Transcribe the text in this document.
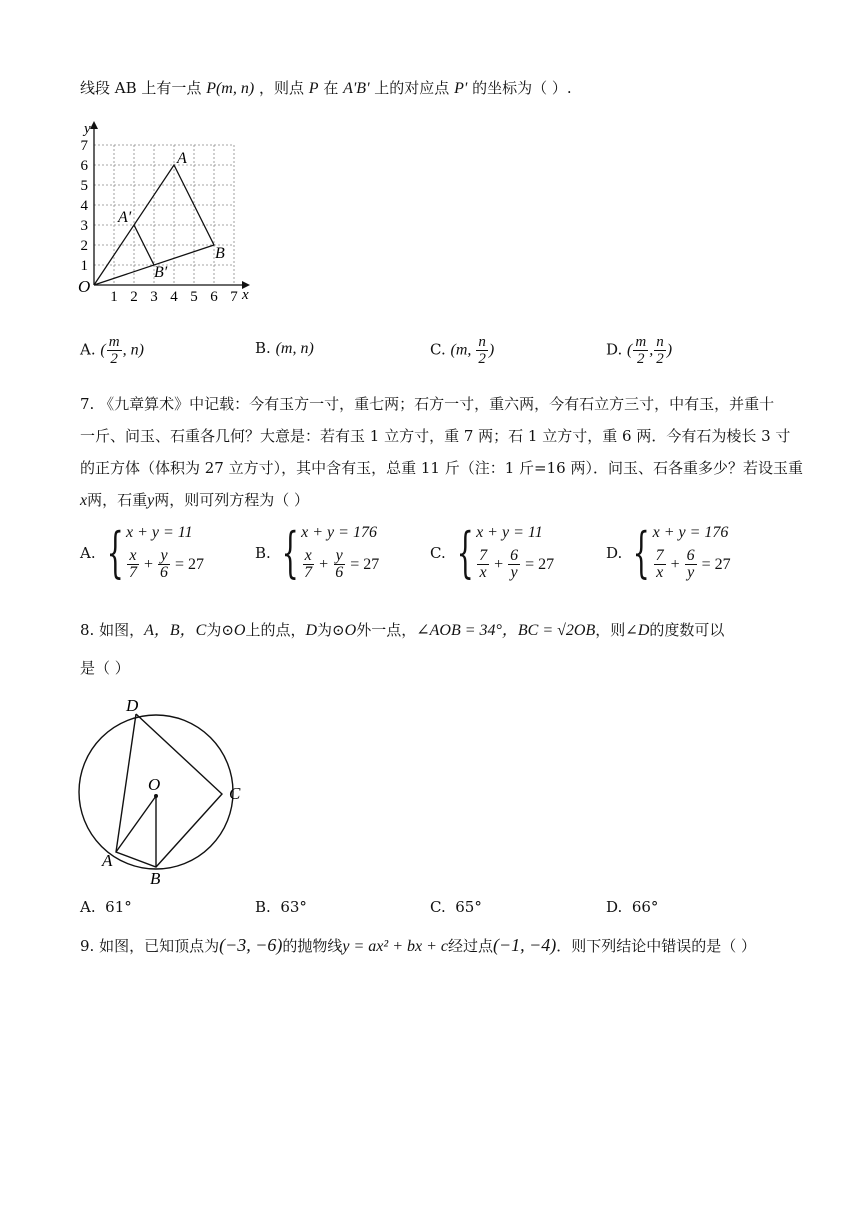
线段 AB 上有一点 P(m, n) ，则点 P 在 A'B' 上的对应点 P' 的坐标为（ ）.
y
x
O
1 2 3 4 5 6 7
1
2
3
4
5
6
7
A
B
A′
B′
A. ( $\frac{m}{2}$ , n)	B. (m, n)	C. (m, $\frac{n}{2}$ )	D. ( $\frac{m}{2}$ , $\frac{n}{2}$ )
7. 《九章算术》中记载：今有玉方一寸，重七两；石方一寸，重六两，今有石立方三寸，中有玉，并重十
一斤、问玉、石重各几何？大意是：若有玉 1 立方寸，重 7 两；石 1 立方寸，重 6 两．今有石为棱长 3 寸
的正方体（体积为 27 立方寸），其中含有玉，总重 11 斤（注：1 斤=16 两）．问玉、石各重多少？若设玉重
x两，石重y两，则可列方程为（ ）
A. { x + y = 11
$\frac{x}{7} + \frac{y}{6} = 27$
B. { x + y = 176
$\frac{x}{7} + \frac{y}{6} = 27$
C. { x + y = 11
$\frac{7}{x} + \frac{6}{y} = 27$
D. { x + y = 176
$\frac{7}{x} + \frac{6}{y} = 27$
8. 如图，A，B，C为⊙O上的点，D为⊙O外一点，∠AOB = 34°，BC = √2OB，则∠D的度数可以
是（ ）
D
O	C
A
B
A. 61°	B. 63°	C. 65°	D. 66°
9. 如图，已知顶点为(−3, −6)的抛物线y = ax² + bx + c经过点(−1, −4)．则下列结论中错误的是（ ）
